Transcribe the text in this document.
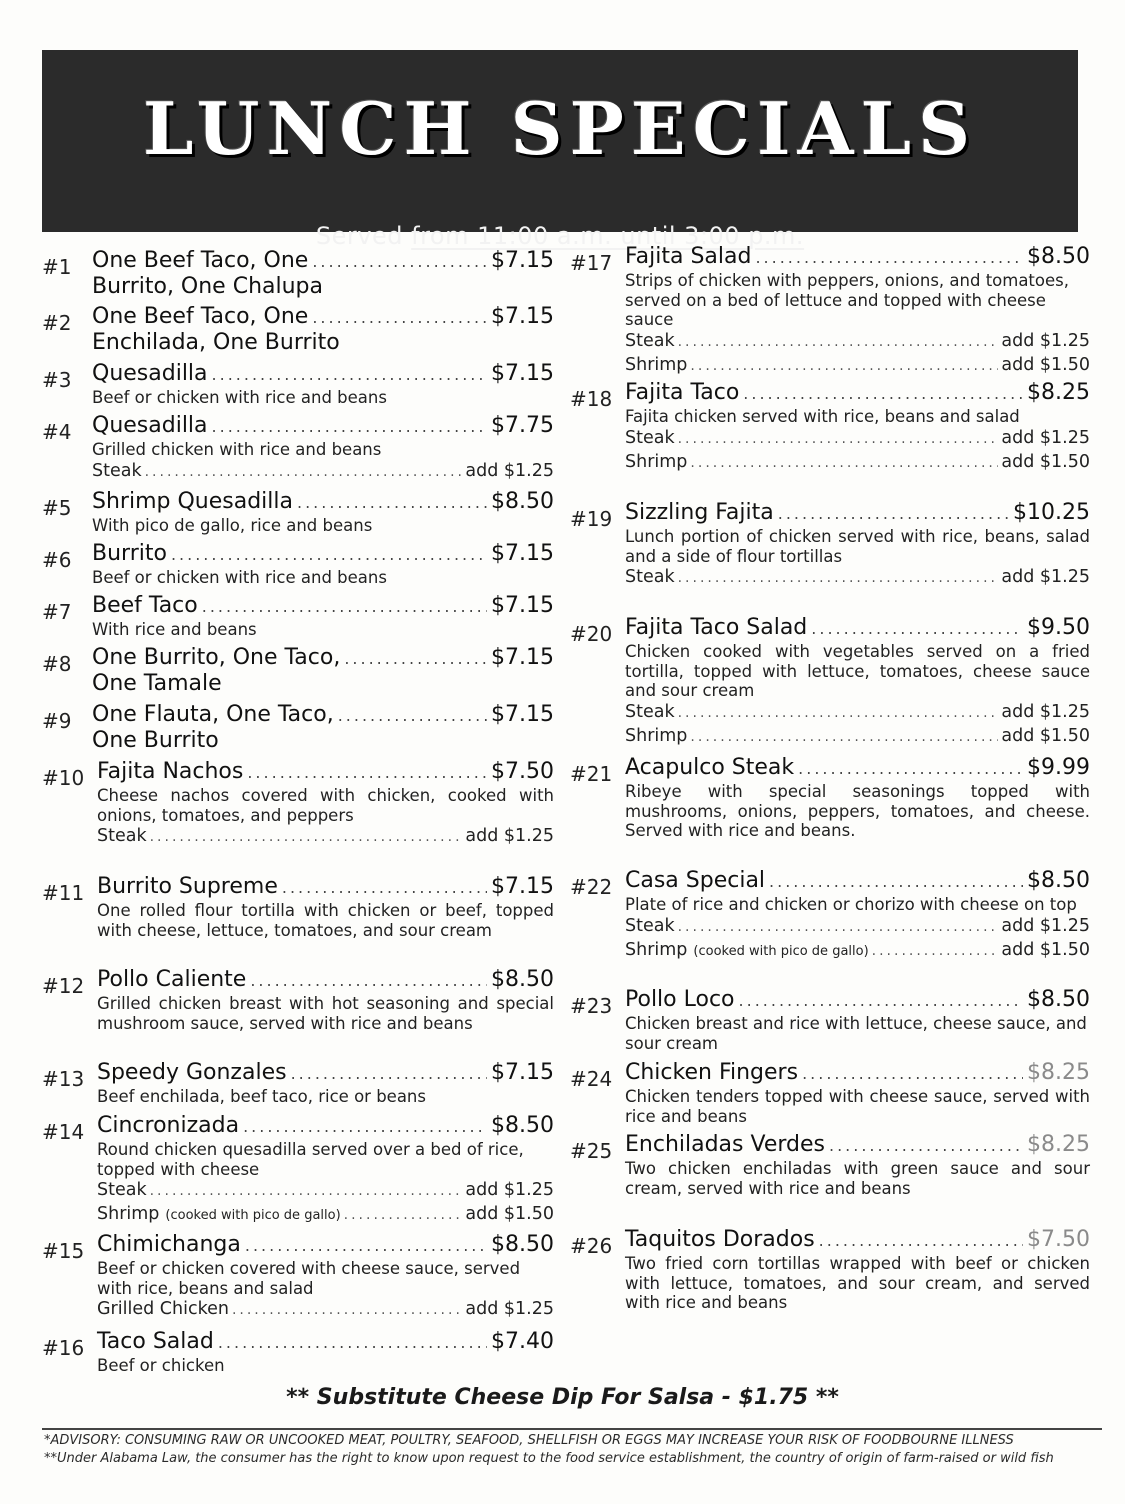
LUNCH SPECIALS
Served from 11:00 a.m. until 3:00 p.m.
#1 One Beef Taco, One .....	$7.15
Burrito, One Chalupa
#2 One Beef Taco, One .....	$7.15
Enchilada, One Burrito
#3 Quesadilla .....	$7.15
Beef or chicken with rice and beans
#4 Quesadilla .....	$7.75
Grilled chicken with rice and beans
Steak .....	add $1.25
#5 Shrimp Quesadilla .....	$8.50
With pico de gallo, rice and beans
#6 Burrito .....	$7.15
Beef or chicken with rice and beans
#7 Beef Taco .....	$7.15
With rice and beans
#8 One Burrito, One Taco, .....	$7.15
One Tamale
#9 One Flauta, One Taco, .....	$7.15
One Burrito
#10 Fajita Nachos .....	$7.50
Cheese nachos covered with chicken, cooked with onions, tomatoes, and peppers
Steak .....	add $1.25
#11 Burrito Supreme .....	$7.15
One rolled flour tortilla with chicken or beef, topped with cheese, lettuce, tomatoes, and sour cream
#12 Pollo Caliente .....	$8.50
Grilled chicken breast with hot seasoning and special mushroom sauce, served with rice and beans
#13 Speedy Gonzales .....	$7.15
Beef enchilada, beef taco, rice or beans
#14 Cincronizada .....	$8.50
Round chicken quesadilla served over a bed of rice, topped with cheese
Steak .....	add $1.25
Shrimp (cooked with pico de gallo) .....	add $1.50
#15 Chimichanga .....	$8.50
Beef or chicken covered with cheese sauce, served with rice, beans and salad
Grilled Chicken .....	add $1.25
#16 Taco Salad .....	$7.40
Beef or chicken
#17 Fajita Salad .....	$8.50
Strips of chicken with peppers, onions, and tomatoes, served on a bed of lettuce and topped with cheese sauce
Steak .....	add $1.25
Shrimp .....	add $1.50
#18 Fajita Taco .....	$8.25
Fajita chicken served with rice, beans and salad
Steak .....	add $1.25
Shrimp .....	add $1.50
#19 Sizzling Fajita .....	$10.25
Lunch portion of chicken served with rice, beans, salad and a side of flour tortillas
Steak .....	add $1.25
#20 Fajita Taco Salad .....	$9.50
Chicken cooked with vegetables served on a fried tortilla, topped with lettuce, tomatoes, cheese sauce and sour cream
Steak .....	add $1.25
Shrimp .....	add $1.50
#21 Acapulco Steak .....	$9.99
Ribeye with special seasonings topped with mushrooms, onions, peppers, tomatoes, and cheese. Served with rice and beans.
#22 Casa Special .....	$8.50
Plate of rice and chicken or chorizo with cheese on top
Steak .....	add $1.25
Shrimp (cooked with pico de gallo) .....	add $1.50
#23 Pollo Loco .....	$8.50
Chicken breast and rice with lettuce, cheese sauce, and sour cream
#24 Chicken Fingers .....	$8.25
Chicken tenders topped with cheese sauce, served with rice and beans
#25 Enchiladas Verdes .....	$8.25
Two chicken enchiladas with green sauce and sour cream, served with rice and beans
#26 Taquitos Dorados .....	$7.50
Two fried corn tortillas wrapped with beef or chicken with lettuce, tomatoes, and sour cream, and served with rice and beans
** Substitute Cheese Dip For Salsa - $1.75 **
*ADVISORY: CONSUMING RAW OR UNCOOKED MEAT, POULTRY, SEAFOOD, SHELLFISH OR EGGS MAY INCREASE YOUR RISK OF FOODBOURNE ILLNESS
**Under Alabama Law, the consumer has the right to know upon request to the food service establishment, the country of origin of farm-raised or wild fish
